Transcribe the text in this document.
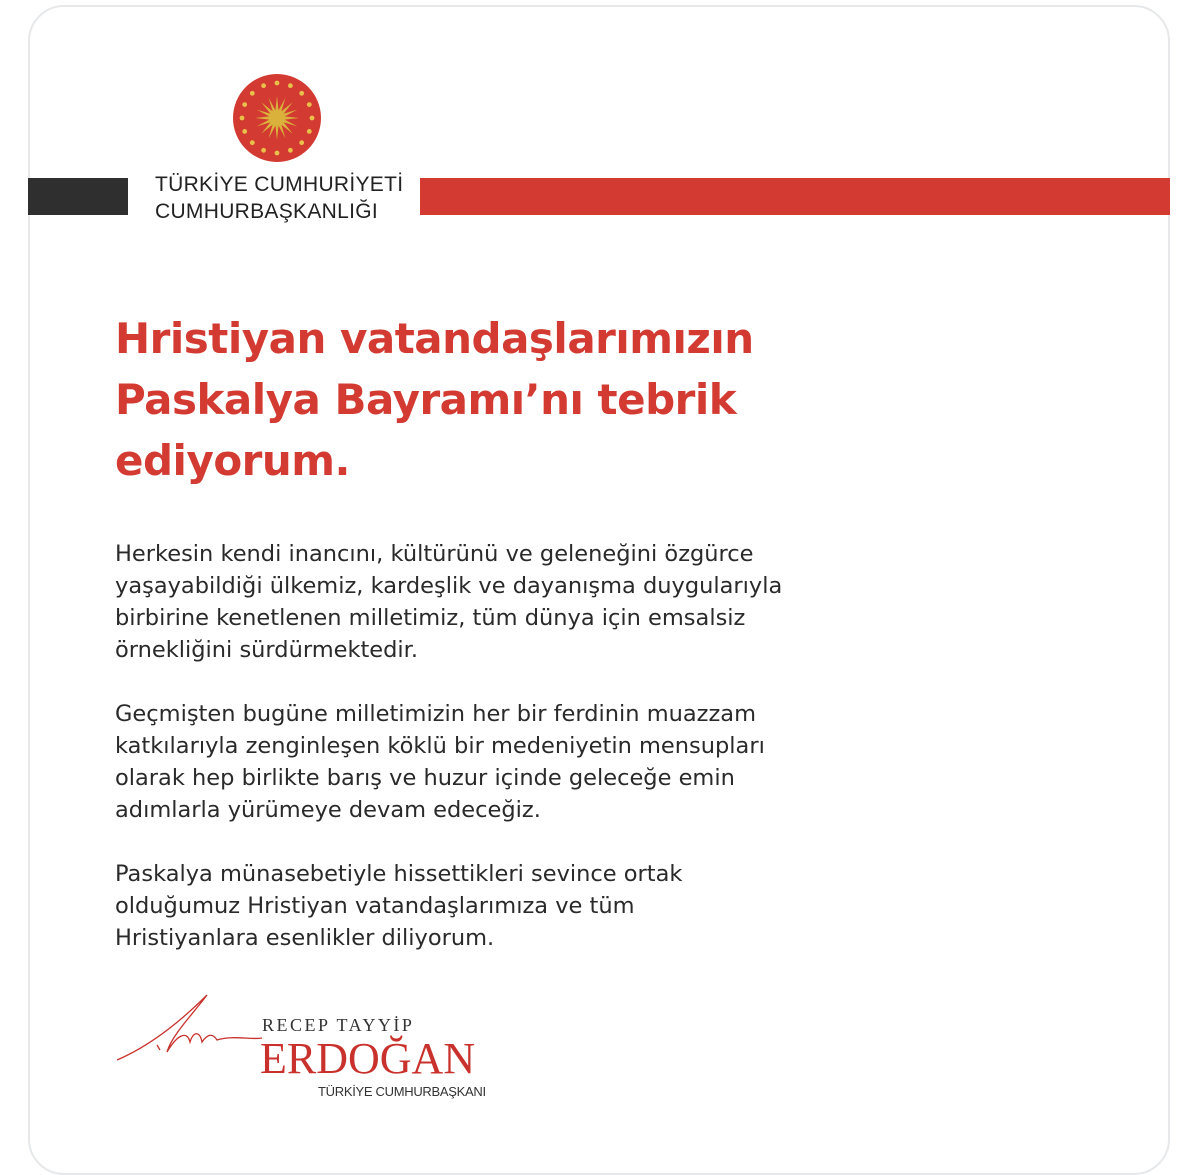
TÜRKİYE CUMHURİYETİ
CUMHURBAŞKANLIĞI
Hristiyan vatandaşlarımızın
Paskalya Bayramı’nı tebrik
ediyorum.

Herkesin kendi inancını, kültürünü ve geleneğini özgürce
yaşayabildiği ülkemiz, kardeşlik ve dayanışma duygularıyla
birbirine kenetlenen milletimiz, tüm dünya için emsalsiz
örnekliğini sürdürmektedir.

Geçmişten bugüne milletimizin her bir ferdinin muazzam
katkılarıyla zenginleşen köklü bir medeniyetin mensupları
olarak hep birlikte barış ve huzur içinde geleceğe emin
adımlarla yürümeye devam edeceğiz.

Paskalya münasebetiyle hissettikleri sevince ortak
olduğumuz Hristiyan vatandaşlarımıza ve tüm
Hristiyanlara esenlikler diliyorum.

RECEP TAYYİP
ERDOĞAN
TÜRKİYE CUMHURBAŞKANI
